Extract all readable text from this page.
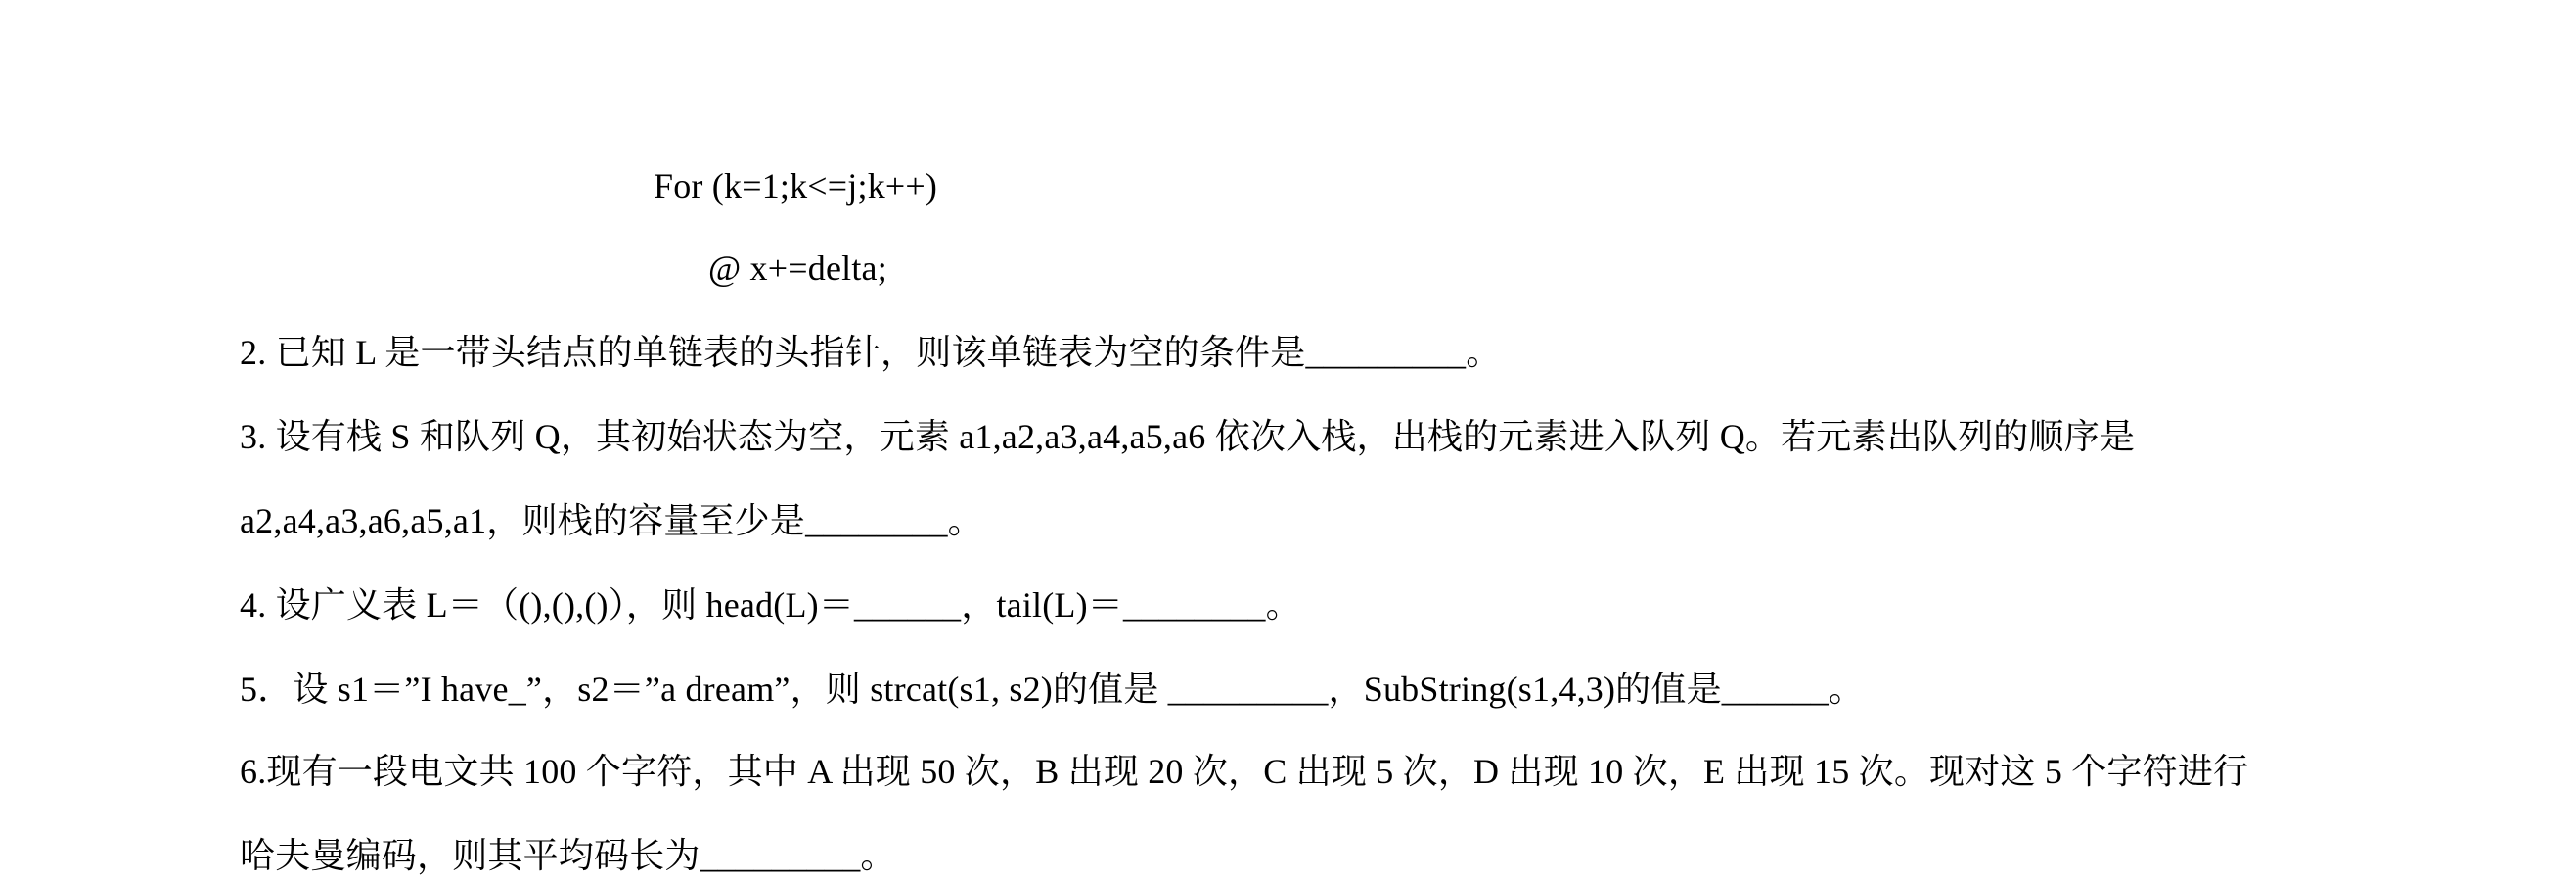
For (k=1;k<=j;k++)
@ x+=delta;
2. 已知 L 是一带头结点的单链表的头指针，则该单链表为空的条件是_________。
3. 设有栈 S 和队列 Q，其初始状态为空，元素 a1,a2,a3,a4,a5,a6 依次入栈，出栈的元素进入队列 Q。若元素出队列的顺序是
a2,a4,a3,a6,a5,a1，则栈的容量至少是________。
4. 设广义表 L＝（(),(),()），则 head(L)＝______，tail(L)＝________。
5．设 s1＝”I have_”，s2＝”a dream”，则 strcat(s1, s2)的值是 _________，SubString(s1,4,3)的值是______。
6.现有一段电文共 100 个字符，其中 A 出现 50 次，B 出现 20 次，C 出现 5 次，D 出现 10 次，E 出现 15 次。现对这 5 个字符进行
哈夫曼编码，则其平均码长为_________。
